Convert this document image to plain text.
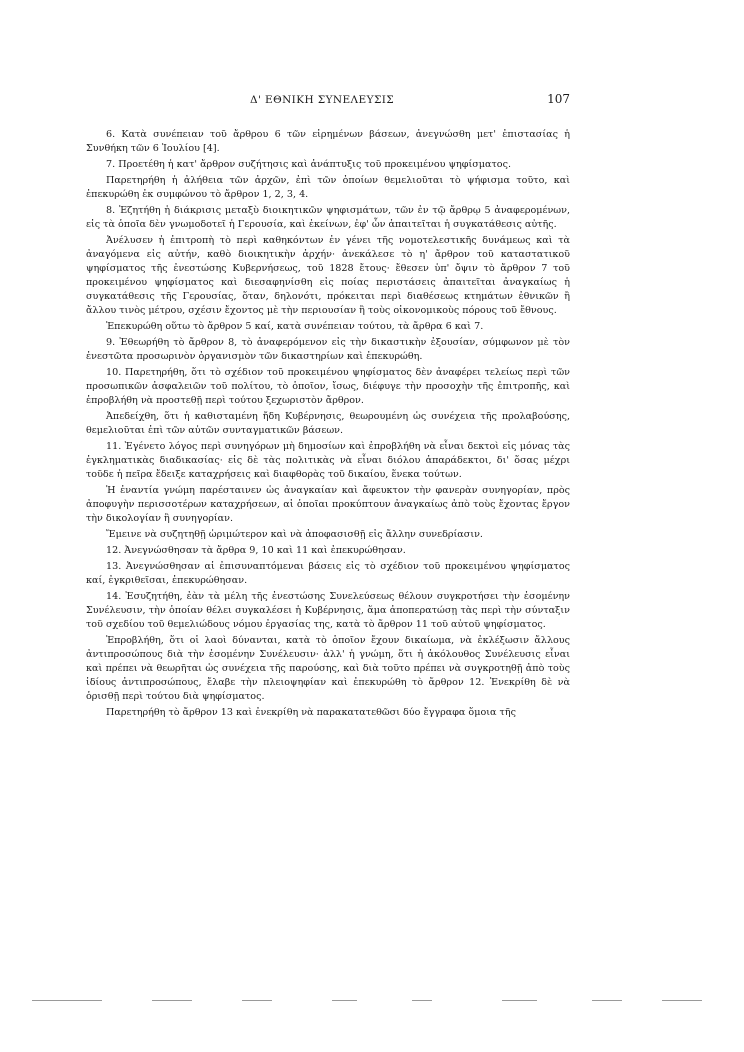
Δ' ΕΘΝΙΚΗ ΣΥΝΕΛΕΥΣΙΣ	107

6. Κατὰ συνέπειαν τοῦ ἄρθρου 6 τῶν εἰρημένων βάσεων, ἀνεγνώσθη μετ' ἐπιστασίας ἡ Συνθήκη τῶν 6 Ἰουλίου [4].

7. Προετέθη ἡ κατ' ἄρθρον συζήτησις καὶ ἀνάπτυξις τοῦ προκειμένου ψηφίσματος.

Παρετηρήθη ἡ ἀλήθεια τῶν ἀρχῶν, ἐπὶ τῶν ὁποίων θεμελιοῦται τὸ ψήφισμα τοῦτο, καὶ ἐπεκυρώθη ἐκ συμφώνου τὸ ἄρθρον 1, 2, 3, 4.

8. Ἐζητήθη ἡ διάκρισις μεταξὺ διοικητικῶν ψηφισμάτων, τῶν ἐν τῷ ἄρθρῳ 5 ἀναφερομένων, εἰς τὰ ὁποῖα δὲν γνωμοδοτεῖ ἡ Γερουσία, καὶ ἐκείνων, ἐφ' ὧν ἀπαιτεῖται ἡ συγκατάθεσις αὐτῆς.

Ἀνέλυσεν ἡ ἐπιτροπὴ τὸ περὶ καθηκόντων ἐν γένει τῆς νομοτελεστικῆς δυνάμεως καὶ τὰ ἀναγόμενα εἰς αὐτήν, καθὸ διοικητικὴν ἀρχήν· ἀνεκάλεσε τὸ η' ἄρθρον τοῦ καταστατικοῦ ψηφίσματος τῆς ἐνεστώσης Κυβερνήσεως, τοῦ 1828 ἔτους· ἔθεσεν ὑπ' ὄψιν τὸ ἄρθρον 7 τοῦ προκειμένου ψηφίσματος καὶ διεσαφηνίσθη εἰς ποίας περιστάσεις ἀπαιτεῖται ἀναγκαίως ἡ συγκατάθεσις τῆς Γερουσίας, ὅταν, δηλονότι, πρόκειται περὶ διαθέσεως κτημάτων ἐθνικῶν ἢ ἄλλου τινὸς μέτρου, σχέσιν ἔχοντος μὲ τὴν περιουσίαν ἢ τοὺς οἰκονομικοὺς πόρους τοῦ ἔθνους.

Ἐπεκυρώθη οὕτω τὸ ἄρθρον 5 καί, κατὰ συνέπειαν τούτου, τὰ ἄρθρα 6 καὶ 7.

9. Ἐθεωρήθη τὸ ἄρθρον 8, τὸ ἀναφερόμενον εἰς τὴν δικαστικὴν ἐξουσίαν, σύμφωνον μὲ τὸν ἐνεστῶτα προσωρινὸν ὀργανισμὸν τῶν δικαστηρίων καὶ ἐπεκυρώθη.

10. Παρετηρήθη, ὅτι τὸ σχέδιον τοῦ προκειμένου ψηφίσματος δὲν ἀναφέρει τελείως περὶ τῶν προσωπικῶν ἀσφαλειῶν τοῦ πολίτου, τὸ ὁποῖον, ἴσως, διέφυγε τὴν προσοχὴν τῆς ἐπιτροπῆς, καὶ ἐπροβλήθη νὰ προστεθῇ περὶ τούτου ξεχωριστὸν ἄρθρον.

Ἀπεδείχθη, ὅτι ἡ καθισταμένη ἤδη Κυβέρνησις, θεωρουμένη ὡς συνέχεια τῆς προλαβούσης, θεμελιοῦται ἐπὶ τῶν αὐτῶν συνταγματικῶν βάσεων.

11. Ἐγένετο λόγος περὶ συνηγόρων μὴ δημοσίων καὶ ἐπροβλήθη νὰ εἶναι δεκτοὶ εἰς μόνας τὰς ἐγκληματικὰς διαδικασίας· εἰς δὲ τὰς πολιτικὰς νὰ εἶναι διόλου ἀπαράδεκτοι, δι' ὅσας μέχρι τοῦδε ἡ πεῖρα ἔδειξε καταχρήσεις καὶ διαφθορὰς τοῦ δικαίου, ἕνεκα τούτων.

Ἡ ἐναντία γνώμη παρέσταινεν ὡς ἀναγκαίαν καὶ ἄφευκτον τὴν φανερὰν συνηγορίαν, πρὸς ἀποφυγὴν περισσοτέρων καταχρήσεων, αἱ ὁποῖαι προκύπτουν ἀναγκαίως ἀπὸ τοὺς ἔχοντας ἔργον τὴν δικολογίαν ἢ συνηγορίαν.

Ἔμεινε νὰ συζητηθῇ ὡριμώτερον καὶ νὰ ἀποφασισθῇ εἰς ἄλλην συνεδρίασιν.

12. Ἀνεγνώσθησαν τὰ ἄρθρα 9, 10 καὶ 11 καὶ ἐπεκυρώθησαν.

13. Ἀνεγνώσθησαν αἱ ἐπισυναπτόμεναι βάσεις εἰς τὸ σχέδιον τοῦ προκειμένου ψηφίσματος καί, ἐγκριθεῖσαι, ἐπεκυρώθησαν.

14. Ἐσυζητήθη, ἐὰν τὰ μέλη τῆς ἐνεστώσης Συνελεύσεως θέλουν συγκροτήσει τὴν ἐσομένην Συνέλευσιν, τὴν ὁποίαν θέλει συγκαλέσει ἡ Κυβέρνησις, ἅμα ἀποπερατώσῃ τὰς περὶ τὴν σύνταξιν τοῦ σχεδίου τοῦ θεμελιώδους νόμου ἐργασίας της, κατὰ τὸ ἄρθρον 11 τοῦ αὐτοῦ ψηφίσματος.

Ἐπροβλήθη, ὅτι οἱ λαοὶ δύνανται, κατὰ τὸ ὁποῖον ἔχουν δικαίωμα, νὰ ἐκλέξωσιν ἄλλους ἀντιπροσώπους διὰ τὴν ἐσομένην Συνέλευσιν· ἀλλ' ἡ γνώμη, ὅτι ἡ ἀκόλουθος Συνέλευσις εἶναι καὶ πρέπει νὰ θεωρῆται ὡς συνέχεια τῆς παρούσης, καὶ διὰ τοῦτο πρέπει νὰ συγκροτηθῇ ἀπὸ τοὺς ἰδίους ἀντιπροσώπους, ἔλαβε τὴν πλειοψηφίαν καὶ ἐπεκυρώθη τὸ ἄρθρον 12. Ἐνεκρίθη δὲ νὰ ὁρισθῇ περὶ τούτου διὰ ψηφίσματος.

Παρετηρήθη τὸ ἄρθρον 13 καὶ ἐνεκρίθη νὰ παρακατατεθῶσι δύο ἔγγραφα ὅμοια τῆς
